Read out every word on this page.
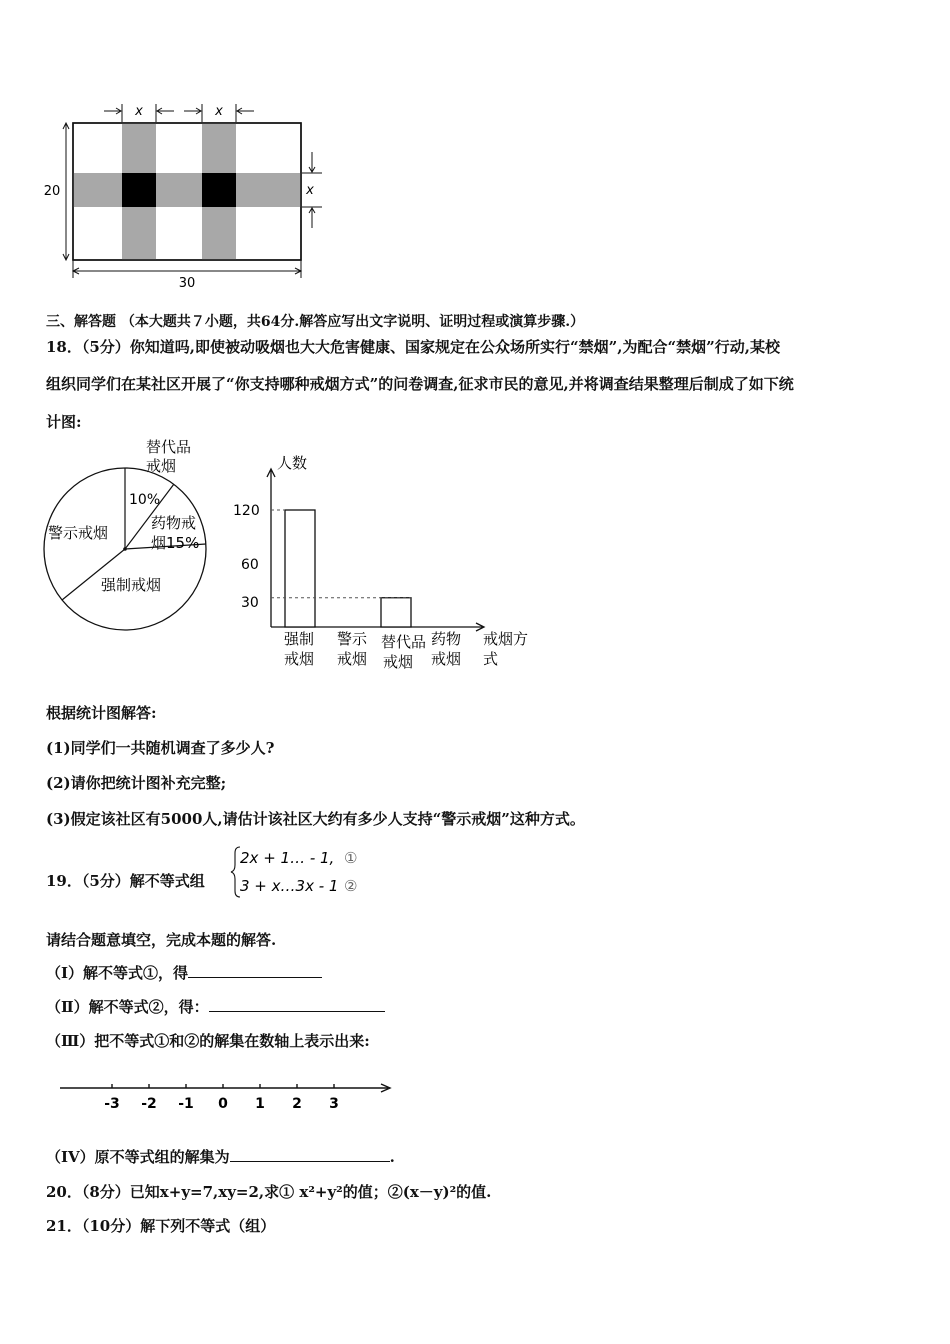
x	x
x
20
30
三、解答题 （本大题共７小题，共64分.解答应写出文字说明、证明过程或演算步骤.）
18．（5分）你知道吗,即使被动吸烟也大大危害健康、国家规定在公众场所实行“禁烟”,为配合“禁烟”行动,某校
组织同学们在某社区开展了“你支持哪种戒烟方式”的问卷调查,征求市民的意见,并将调查结果整理后制成了如下统
计图:
替代品
戒烟
10%
药物戒
烟15%
警示戒烟
强制戒烟
人数
戒烟方
式
120
60
30
强制
戒烟
警示
戒烟
替代品
戒烟
药物
戒烟
根据统计图解答:
(1)同学们一共随机调查了多少人?
(2)请你把统计图补充完整;
(3)假定该社区有5000人,请估计该社区大约有多少人支持“警示戒烟”这种方式。
19．（5分）解不等式组
2x + 1… - 1, ①
3 + x…3x - 1 ②
请结合题意填空，完成本题的解答.
（I）解不等式①，得
（Ⅱ）解不等式②，得：
（Ⅲ）把不等式①和②的解集在数轴上表示出来:
-3 -2 -1 0 1 2 3
（IV）原不等式组的解集为	.
20．（8分）已知x+y=7,xy=2,求① x²+y²的值；②(x－y)²的值.
21．（10分）解下列不等式（组）
